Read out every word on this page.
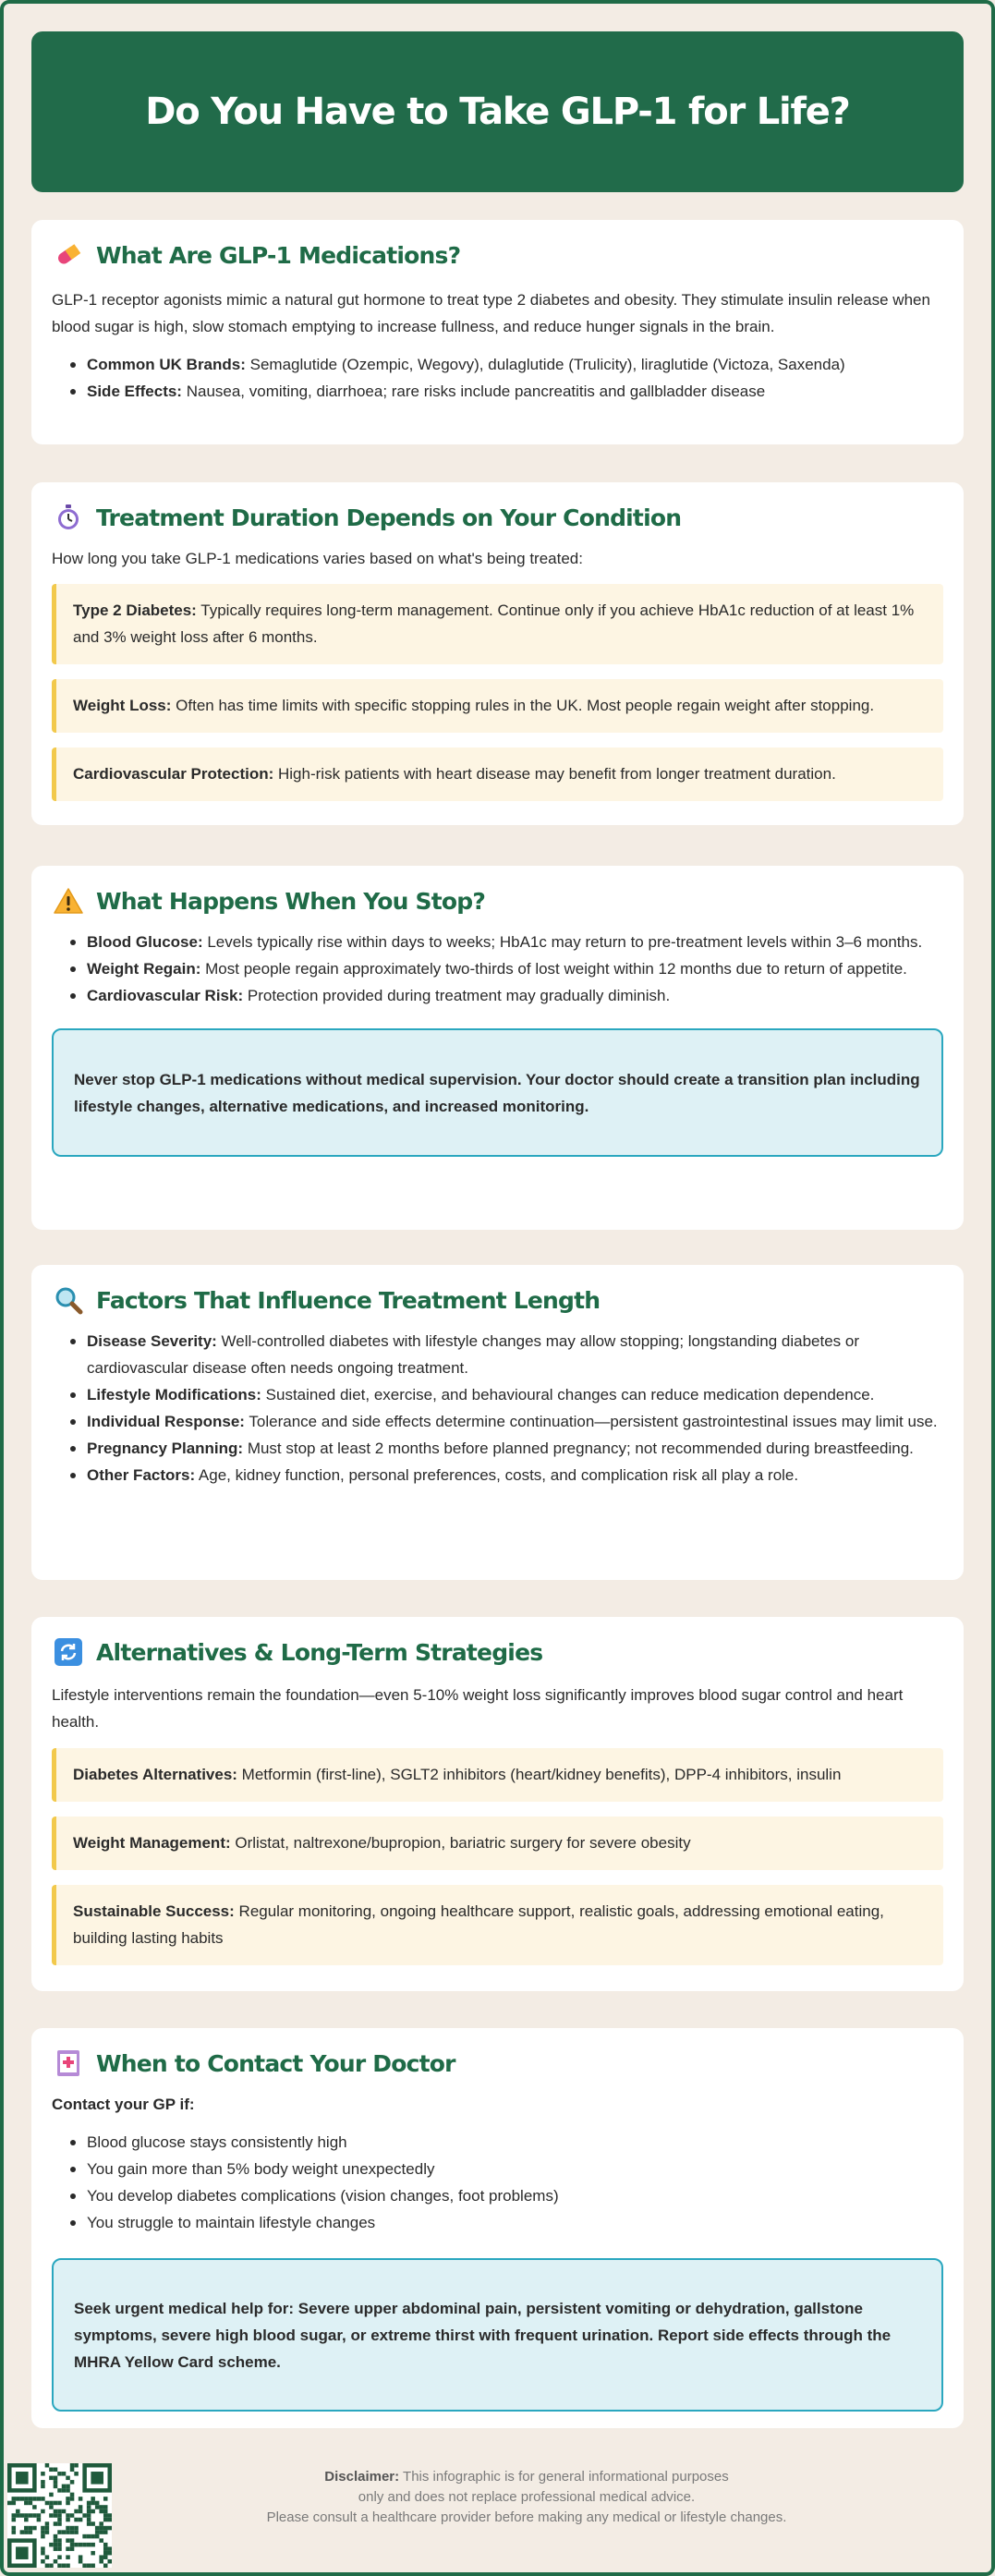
Do You Have to Take GLP-1 for Life?
What Are GLP-1 Medications?

GLP-1 receptor agonists mimic a natural gut hormone to treat type 2 diabetes and obesity. They stimulate insulin release when blood sugar is high, slow stomach emptying to increase fullness, and reduce hunger signals in the brain.

Common UK Brands: Semaglutide (Ozempic, Wegovy), dulaglutide (Trulicity), liraglutide (Victoza, Saxenda)
Side Effects: Nausea, vomiting, diarrhoea; rare risks include pancreatitis and gallbladder disease
Treatment Duration Depends on Your Condition

How long you take GLP-1 medications varies based on what's being treated:

Type 2 Diabetes: Typically requires long-term management. Continue only if you achieve HbA1c reduction of at least 1% and 3% weight loss after 6 months.
Weight Loss: Often has time limits with specific stopping rules in the UK. Most people regain weight after stopping.
Cardiovascular Protection: High-risk patients with heart disease may benefit from longer treatment duration.
What Happens When You Stop?
Blood Glucose: Levels typically rise within days to weeks; HbA1c may return to pre-treatment levels within 3–6 months.
Weight Regain: Most people regain approximately two-thirds of lost weight within 12 months due to return of appetite.
Cardiovascular Risk: Protection provided during treatment may gradually diminish.
Never stop GLP-1 medications without medical supervision. Your doctor should create a transition plan including lifestyle changes, alternative medications, and increased monitoring.
Factors That Influence Treatment Length
Disease Severity: Well-controlled diabetes with lifestyle changes may allow stopping; longstanding diabetes or cardiovascular disease often needs ongoing treatment.
Lifestyle Modifications: Sustained diet, exercise, and behavioural changes can reduce medication dependence.
Individual Response: Tolerance and side effects determine continuation—persistent gastrointestinal issues may limit use.
Pregnancy Planning: Must stop at least 2 months before planned pregnancy; not recommended during breastfeeding.
Other Factors: Age, kidney function, personal preferences, costs, and complication risk all play a role.
Alternatives & Long-Term Strategies

Lifestyle interventions remain the foundation—even 5-10% weight loss significantly improves blood sugar control and heart health.

Diabetes Alternatives: Metformin (first-line), SGLT2 inhibitors (heart/kidney benefits), DPP-4 inhibitors, insulin
Weight Management: Orlistat, naltrexone/bupropion, bariatric surgery for severe obesity
Sustainable Success: Regular monitoring, ongoing healthcare support, realistic goals, addressing emotional eating, building lasting habits
When to Contact Your Doctor

Contact your GP if:

Blood glucose stays consistently high
You gain more than 5% body weight unexpectedly
You develop diabetes complications (vision changes, foot problems)
You struggle to maintain lifestyle changes
Seek urgent medical help for: Severe upper abdominal pain, persistent vomiting or dehydration, gallstone symptoms, severe high blood sugar, or extreme thirst with frequent urination. Report side effects through the MHRA Yellow Card scheme.
Disclaimer: This infographic is for general informational purposes
only and does not replace professional medical advice.
Please consult a healthcare provider before making any medical or lifestyle changes.
